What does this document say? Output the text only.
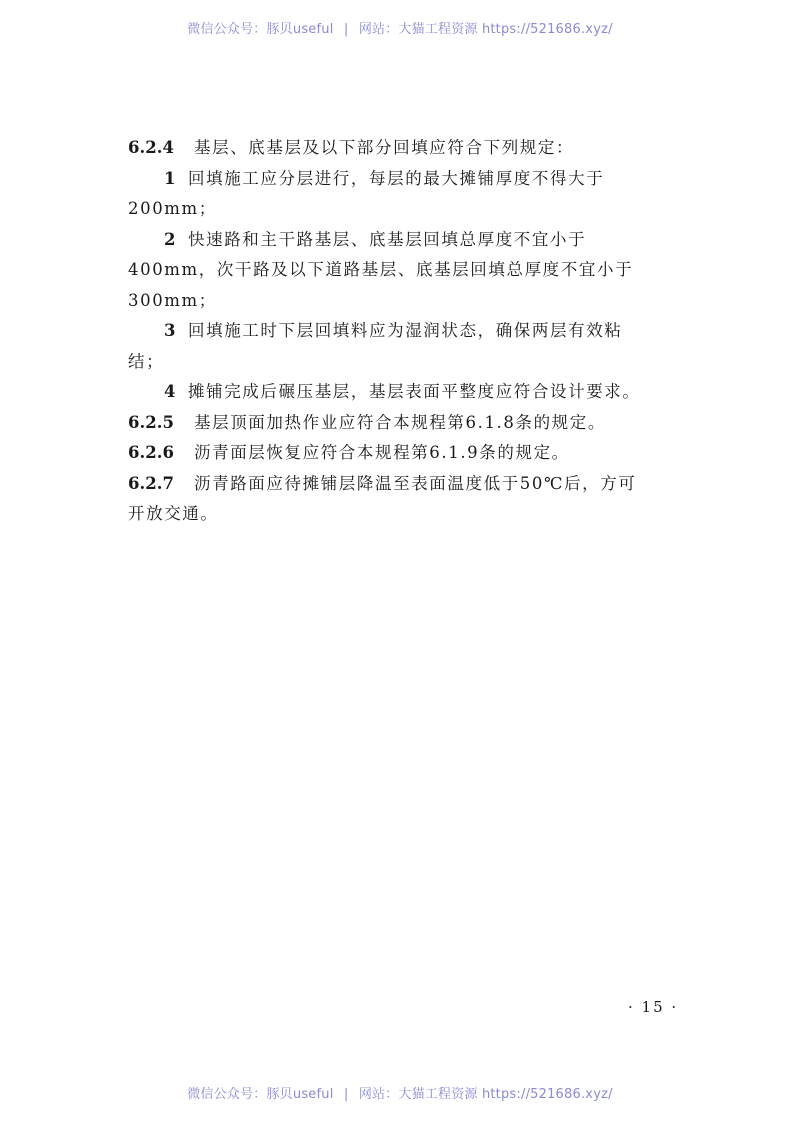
微信公众号：豚贝useful | 网站：大猫工程资源 https://521686.xyz/
6.2.4 基层、底基层及以下部分回填应符合下列规定：
1 回填施工应分层进行，每层的最大摊铺厚度不得大于
200mm；
2 快速路和主干路基层、底基层回填总厚度不宜小于
400mm，次干路及以下道路基层、底基层回填总厚度不宜小于
300mm；
3 回填施工时下层回填料应为湿润状态，确保两层有效粘
结；
4 摊铺完成后碾压基层，基层表面平整度应符合设计要求。
6.2.5 基层顶面加热作业应符合本规程第6.1.8条的规定。
6.2.6 沥青面层恢复应符合本规程第6.1.9条的规定。
6.2.7 沥青路面应待摊铺层降温至表面温度低于50℃后，方可
开放交通。
· 15 ·
微信公众号：豚贝useful | 网站：大猫工程资源 https://521686.xyz/
